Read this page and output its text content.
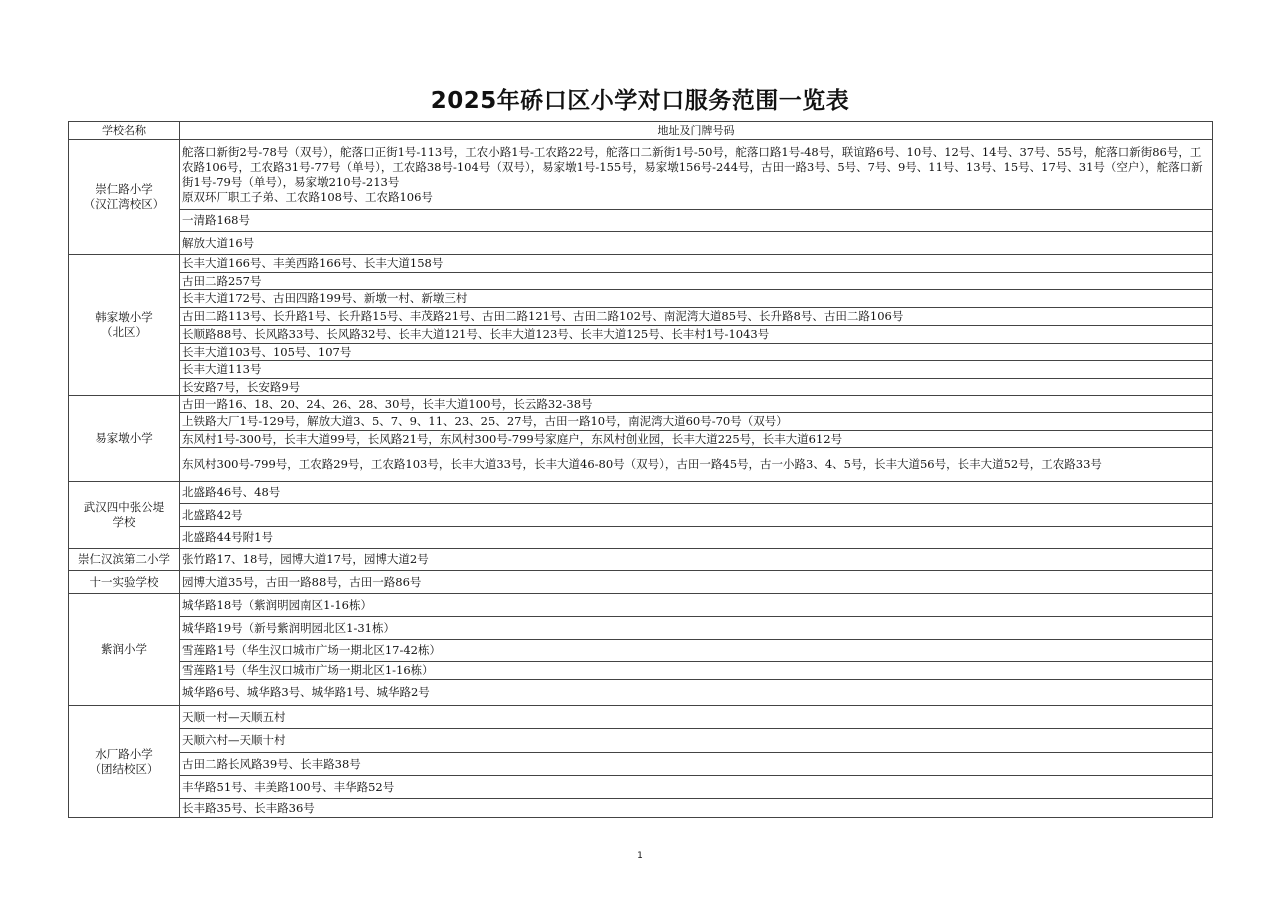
2025年硚口区小学对口服务范围一览表
学校名称	地址及门牌号码
崇仁路小学
（汉江湾校区）	舵落口新街2号-78号（双号），舵落口正街1号-113号，工农小路1号-工农路22号，舵落口二新街1号-50号，舵落口路1号-48号，联谊路6号、10号、12号、14号、37号、55号，舵落口新街86号，工农路106号，工农路31号-77号（单号），工农路38号-104号（双号），易家墩1号-155号，易家墩156号-244号，古田一路3号、5号、7号、9号、11号、13号、15号、17号、31号（空户），舵落口新街1号-79号（单号），易家墩210号-213号
原双环厂职工子弟、工农路108号、工农路106号
	一清路168号
	解放大道16号
韩家墩小学
（北区）	长丰大道166号、丰美西路166号、长丰大道158号
	古田二路257号
	长丰大道172号、古田四路199号、新墩一村、新墩三村
	古田二路113号、长升路1号、长升路15号、丰茂路21号、古田二路121号、古田二路102号、南泥湾大道85号、长升路8号、古田二路106号
	长顺路88号、长风路33号、长风路32号、长丰大道121号、长丰大道123号、长丰大道125号、长丰村1号-1043号
	长丰大道103号、105号、107号
	长丰大道113号
	长安路7号，长安路9号
易家墩小学	古田一路16、18、20、24、26、28、30号，长丰大道100号，长云路32-38号
	上铁路大厂1号-129号，解放大道3、5、7、9、11、23、25、27号，古田一路10号，南泥湾大道60号-70号（双号）
	东风村1号-300号，长丰大道99号，长风路21号，东风村300号-799号家庭户，东风村创业园，长丰大道225号，长丰大道612号
	东风村300号-799号，工农路29号，工农路103号，长丰大道33号，长丰大道46-80号（双号），古田一路45号，古一小路3、4、5号，长丰大道56号，长丰大道52号，工农路33号
武汉四中张公堤
学校	北盛路46号、48号
	北盛路42号
	北盛路44号附1号
崇仁汉滨第二小学	张竹路17、18号，园博大道17号，园博大道2号
十一实验学校	园博大道35号，古田一路88号，古田一路86号
紫润小学	城华路18号（紫润明园南区1-16栋）
	城华路19号（新号紫润明园北区1-31栋）
	雪莲路1号（华生汉口城市广场一期北区17-42栋）
	雪莲路1号（华生汉口城市广场一期北区1-16栋）
	城华路6号、城华路3号、城华路1号、城华路2号
水厂路小学
（团结校区）	天顺一村—天顺五村
	天顺六村—天顺十村
	古田二路长风路39号、长丰路38号
	丰华路51号、丰美路100号、丰华路52号
	长丰路35号、长丰路36号
1
